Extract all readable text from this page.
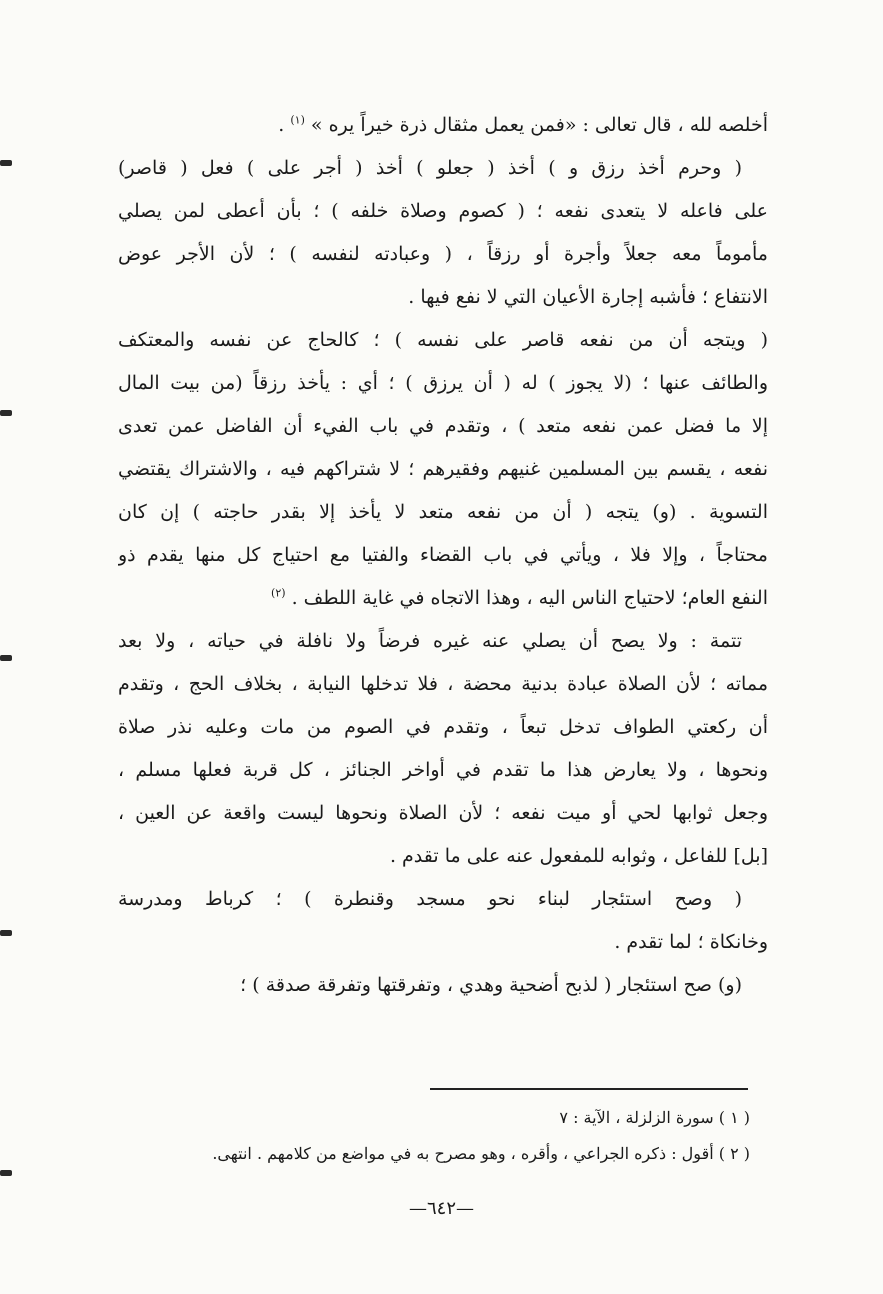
أخلصه لله ، قال تعالى : «فمن يعمل مثقال ذرة خيراً يره » $^{(١)}$ .
( وحرم أخذ رزق و ) أخذ ( جعلو ) أخذ ( أجر على ) فعل ( قاصر)
على فاعله لا يتعدى نفعه ؛ ( كصوم وصلاة خلفه ) ؛ بأن أعطى لمن يصلي
مأموماً معه جعلاً وأجرة أو رزقاً ، ( وعبادته لنفسه ) ؛ لأن الأجر عوض
الانتفاع ؛ فأشبه إجارة الأعيان التي لا نفع فيها .
( ويتجه أن من نفعه قاصر على نفسه ) ؛ كالحاج عن نفسه والمعتكف
والطائف عنها ؛ (لا يجوز ) له ( أن يرزق ) ؛ أي : يأخذ رزقاً (من بيت المال
إلا ما فضل عمن نفعه متعد ) ، وتقدم في باب الفيء أن الفاضل عمن تعدى
نفعه ، يقسم بين المسلمين غنيهم وفقيرهم ؛ لا شتراكهم فيه ، والاشتراك يقتضي
التسوية . (و) يتجه ( أن من نفعه متعد لا يأخذ إلا بقدر حاجته ) إن كان
محتاجاً ، وإلا فلا ، ويأتي في باب القضاء والفتيا مع احتياج كل منها يقدم ذو
النفع العام؛ لاحتياج الناس اليه ، وهذا الاتجاه في غاية اللطف . $^{(٢)}$
تتمة : ولا يصح أن يصلي عنه غيره فرضاً ولا نافلة في حياته ، ولا بعد
مماته ؛ لأن الصلاة عبادة بدنية محضة ، فلا تدخلها النيابة ، بخلاف الحج ، وتقدم
أن ركعتي الطواف تدخل تبعاً ، وتقدم في الصوم من مات وعليه نذر صلاة
ونحوها ، ولا يعارض هذا ما تقدم في أواخر الجنائز ، كل قربة فعلها مسلم ،
وجعل ثوابها لحي أو ميت نفعه ؛ لأن الصلاة ونحوها ليست واقعة عن العين ،
[بل] للفاعل ، وثوابه للمفعول عنه على ما تقدم .
( وصح استئجار لبناء نحو مسجد وقنطرة ) ؛ كرباط ومدرسة
وخانكاة ؛ لما تقدم .
(و) صح استئجار ( لذبح أضحية وهدي ، وتفرقتها وتفرقة صدقة ) ؛
( ١ ) سورة الزلزلة ، الآية : ٧
( ٢ ) أقول : ذكره الجراعي ، وأقره ، وهو مصرح به في مواضع من كلامهم . انتهى.
—٦٤٢—
